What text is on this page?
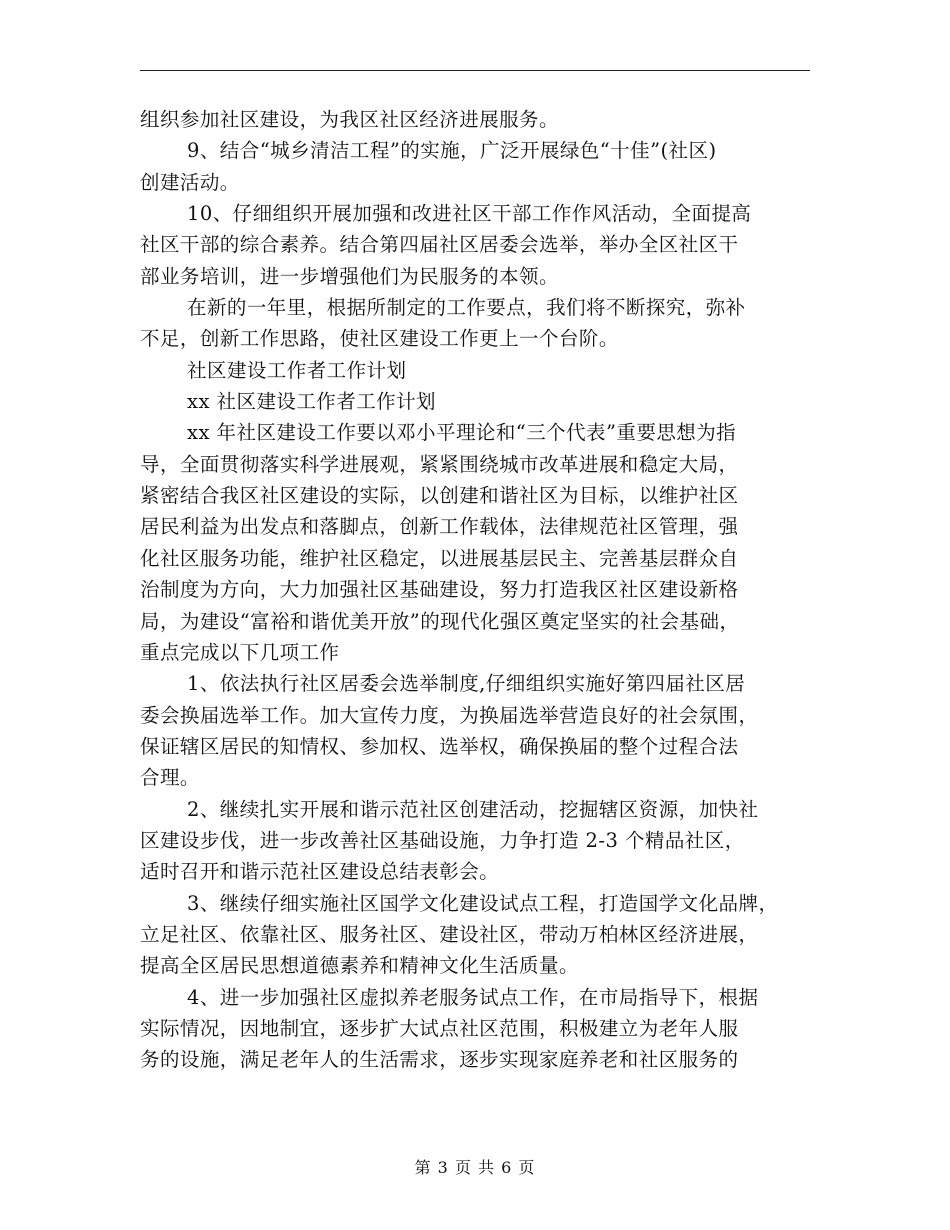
组织参加社区建设，为我区社区经济进展服务。
9、结合“城乡清洁工程”的实施，广泛开展绿色“十佳”(社区)
创建活动。
10、仔细组织开展加强和改进社区干部工作作风活动，全面提高
社区干部的综合素养。结合第四届社区居委会选举，举办全区社区干
部业务培训，进一步增强他们为民服务的本领。
在新的一年里，根据所制定的工作要点，我们将不断探究，弥补
不足，创新工作思路，使社区建设工作更上一个台阶。
社区建设工作者工作计划
xx 社区建设工作者工作计划
xx 年社区建设工作要以邓小平理论和“三个代表”重要思想为指
导，全面贯彻落实科学进展观，紧紧围绕城市改革进展和稳定大局，
紧密结合我区社区建设的实际，以创建和谐社区为目标，以维护社区
居民利益为出发点和落脚点，创新工作载体，法律规范社区管理，强
化社区服务功能，维护社区稳定，以进展基层民主、完善基层群众自
治制度为方向，大力加强社区基础建设，努力打造我区社区建设新格
局，为建设“富裕和谐优美开放”的现代化强区奠定坚实的社会基础，
重点完成以下几项工作
1、依法执行社区居委会选举制度,仔细组织实施好第四届社区居
委会换届选举工作。加大宣传力度，为换届选举营造良好的社会氛围，
保证辖区居民的知情权、参加权、选举权，确保换届的整个过程合法
合理。
2、继续扎实开展和谐示范社区创建活动，挖掘辖区资源，加快社
区建设步伐，进一步改善社区基础设施，力争打造 2-3 个精品社区，
适时召开和谐示范社区建设总结表彰会。
3、继续仔细实施社区国学文化建设试点工程，打造国学文化品牌，
立足社区、依靠社区、服务社区、建设社区，带动万柏林区经济进展，
提高全区居民思想道德素养和精神文化生活质量。
4、进一步加强社区虚拟养老服务试点工作，在市局指导下，根据
实际情况，因地制宜，逐步扩大试点社区范围，积极建立为老年人服
务的设施，满足老年人的生活需求，逐步实现家庭养老和社区服务的
第 3 页 共 6 页
